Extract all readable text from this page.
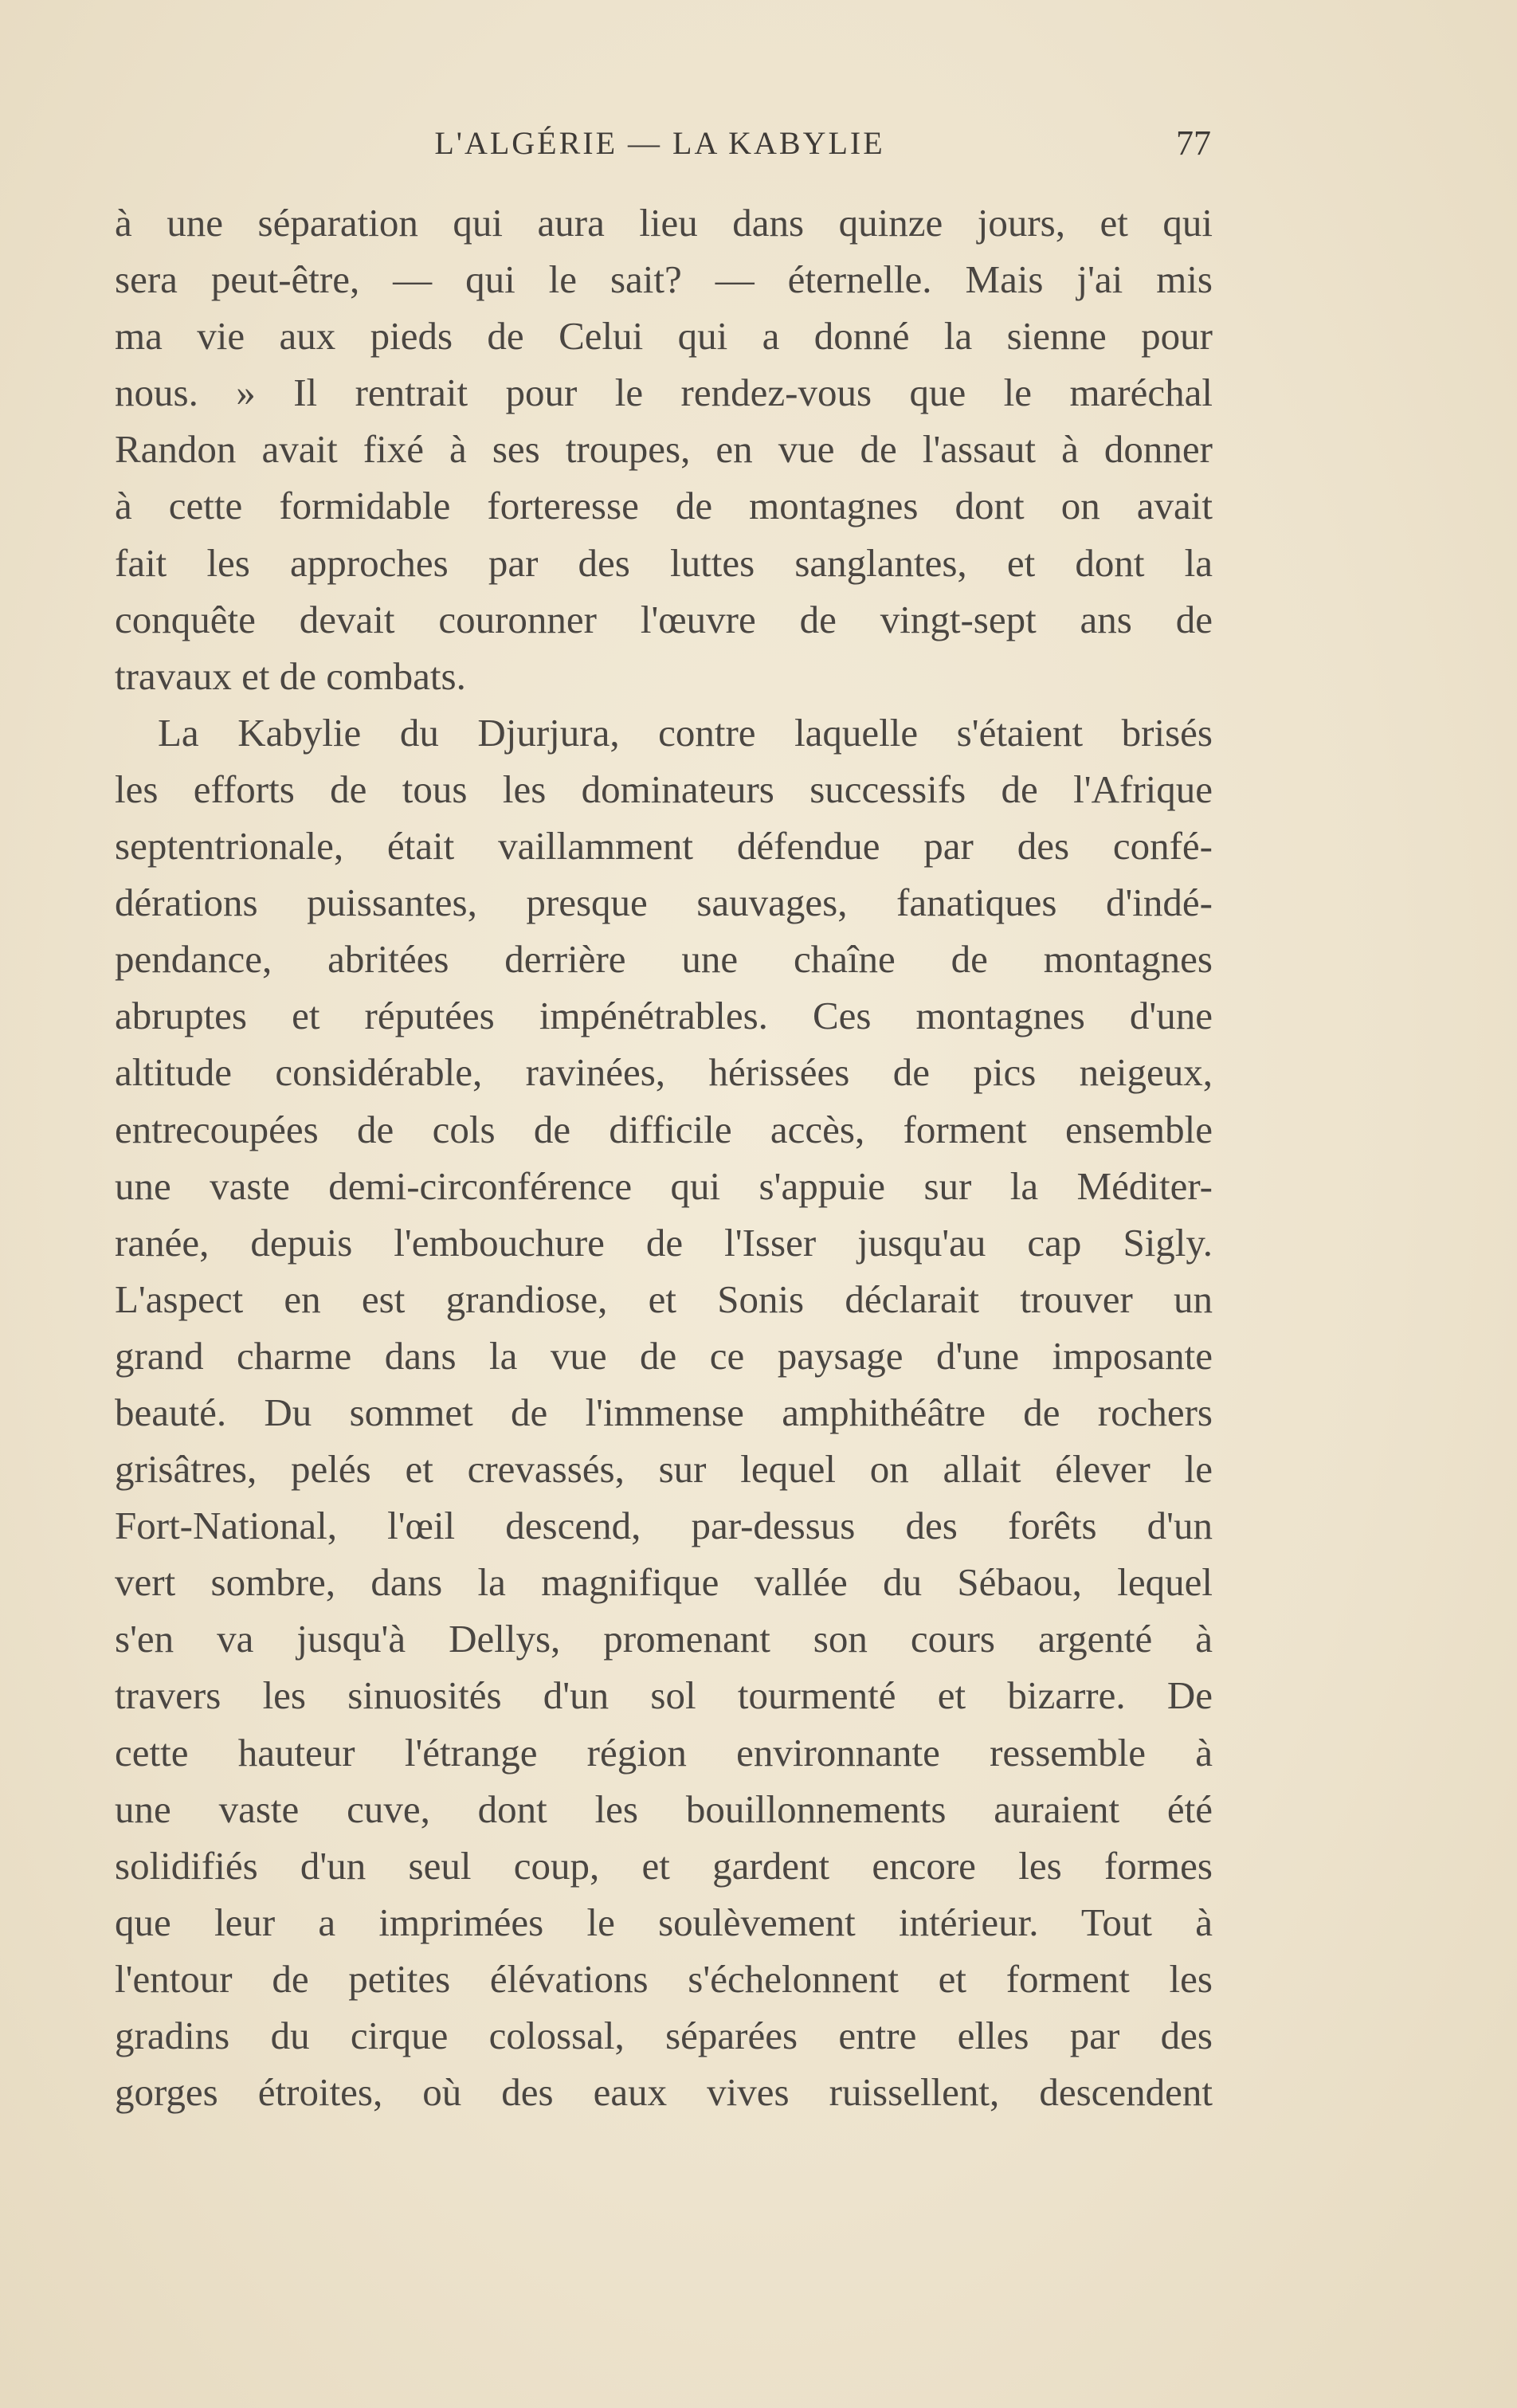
L'ALGÉRIE — LA KABYLIE	77
à une séparation qui aura lieu dans quinze jours, et qui
sera peut-être, — qui le sait? — éternelle. Mais j'ai mis
ma vie aux pieds de Celui qui a donné la sienne pour
nous. » Il rentrait pour le rendez-vous que le maréchal
Randon avait fixé à ses troupes, en vue de l'assaut à donner
à cette formidable forteresse de montagnes dont on avait
fait les approches par des luttes sanglantes, et dont la
conquête devait couronner l'œuvre de vingt-sept ans de
travaux et de combats.
La Kabylie du Djurjura, contre laquelle s'étaient brisés
les efforts de tous les dominateurs successifs de l'Afrique
septentrionale, était vaillamment défendue par des confé-
dérations puissantes, presque sauvages, fanatiques d'indé-
pendance, abritées derrière une chaîne de montagnes
abruptes et réputées impénétrables. Ces montagnes d'une
altitude considérable, ravinées, hérissées de pics neigeux,
entrecoupées de cols de difficile accès, forment ensemble
une vaste demi-circonférence qui s'appuie sur la Méditer-
ranée, depuis l'embouchure de l'Isser jusqu'au cap Sigly.
L'aspect en est grandiose, et Sonis déclarait trouver un
grand charme dans la vue de ce paysage d'une imposante
beauté. Du sommet de l'immense amphithéâtre de rochers
grisâtres, pelés et crevassés, sur lequel on allait élever le
Fort-National, l'œil descend, par-dessus des forêts d'un
vert sombre, dans la magnifique vallée du Sébaou, lequel
s'en va jusqu'à Dellys, promenant son cours argenté à
travers les sinuosités d'un sol tourmenté et bizarre. De
cette hauteur l'étrange région environnante ressemble à
une vaste cuve, dont les bouillonnements auraient été
solidifiés d'un seul coup, et gardent encore les formes
que leur a imprimées le soulèvement intérieur. Tout à
l'entour de petites élévations s'échelonnent et forment les
gradins du cirque colossal, séparées entre elles par des
gorges étroites, où des eaux vives ruissellent, descendent
